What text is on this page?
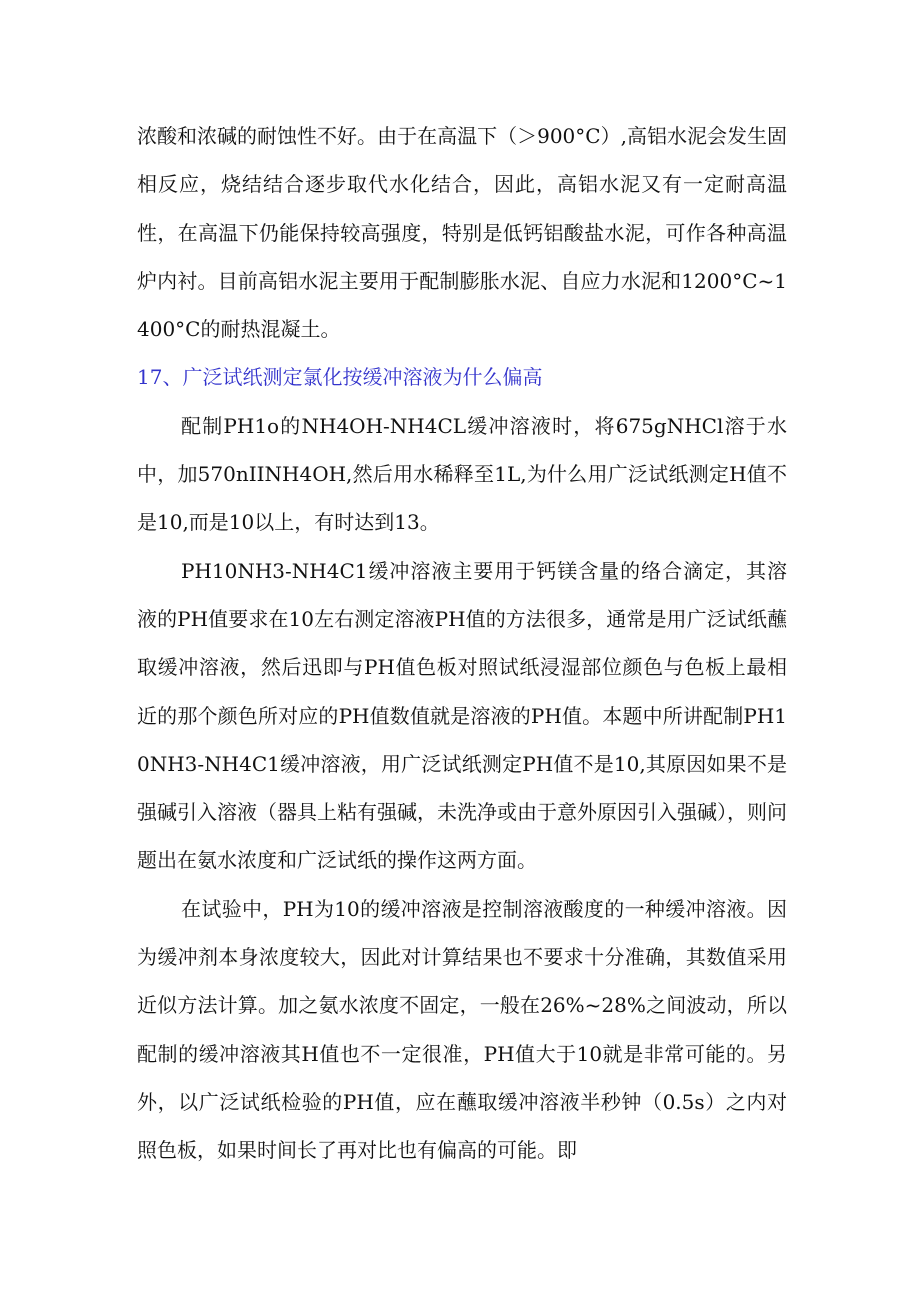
浓酸和浓碱的耐蚀性不好。由于在高温下（＞900°C）,高铝水泥会发生固相反应，烧结结合逐步取代水化结合，因此，高铝水泥又有一定耐高温性，在高温下仍能保持较高强度，特别是低钙铝酸盐水泥，可作各种高温炉内衬。目前高铝水泥主要用于配制膨胀水泥、自应力水泥和1200°C~1400°C的耐热混凝土。

17、广泛试纸测定氯化按缓冲溶液为什么偏高

配制PH1o的NH4OH-NH4CL缓冲溶液时，将675gNHCl溶于水中，加570nIINH4OH,然后用水稀释至1L,为什么用广泛试纸测定H值不是10,而是10以上，有时达到13。

PH10NH3-NH4C1缓冲溶液主要用于钙镁含量的络合滴定，其溶液的PH值要求在10左右测定溶液PH值的方法很多，通常是用广泛试纸蘸取缓冲溶液，然后迅即与PH值色板对照试纸浸湿部位颜色与色板上最相近的那个颜色所对应的PH值数值就是溶液的PH值。本题中所讲配制PH10NH3-NH4C1缓冲溶液，用广泛试纸测定PH值不是10,其原因如果不是强碱引入溶液（器具上粘有强碱，未洗净或由于意外原因引入强碱），则问题出在氨水浓度和广泛试纸的操作这两方面。

在试验中，PH为10的缓冲溶液是控制溶液酸度的一种缓冲溶液。因为缓冲剂本身浓度较大，因此对计算结果也不要求十分准确，其数值采用近似方法计算。加之氨水浓度不固定，一般在26%~28%之间波动，所以配制的缓冲溶液其H值也不一定很准，PH值大于10就是非常可能的。另外，以广泛试纸检验的PH值，应在蘸取缓冲溶液半秒钟（0.5s）之内对照色板，如果时间长了再对比也有偏高的可能。即
